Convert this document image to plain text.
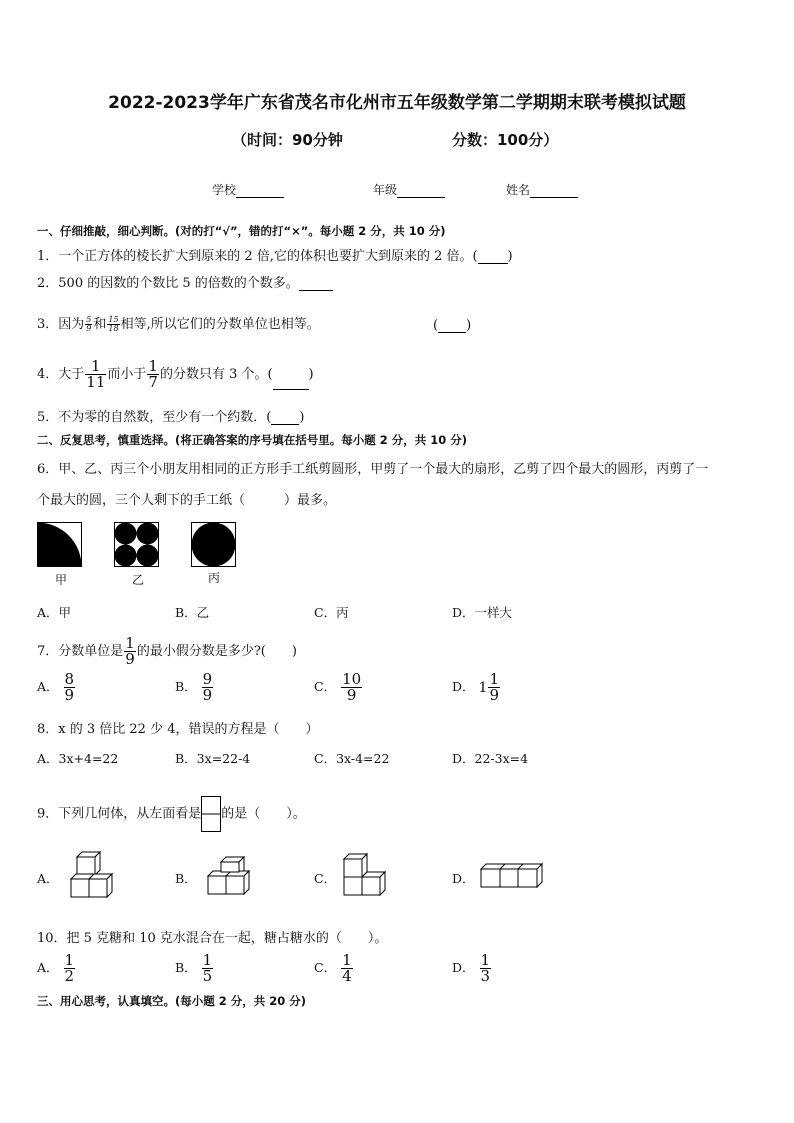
2022-2023学年广东省茂名市化州市五年级数学第二学期期末联考模拟试题
（时间：90分钟	分数：100分）
学校	年级	姓名
一、仔细推敲，细心判断。(对的打“√”，错的打“×”。每小题 2 分，共 10 分)
1．一个正方体的棱长扩大到原来的 2 倍,它的体积也要扩大到原来的 2 倍。( )
2．500 的因数的个数比 5 的倍数的个数多。
3．因为 $\frac{5}{9}$ 和 $\frac{15}{18}$ 相等,所以它们的分数单位也相等。	( )
4．大于 $\frac{1}{11}$ 而小于 $\frac{1}{7}$ 的分数只有 3 个。(	)
5．不为零的自然数，至少有一个约数．( )
二、反复思考，慎重选择。(将正确答案的序号填在括号里。每小题 2 分，共 10 分)
6．甲、乙、丙三个小朋友用相同的正方形手工纸剪圆形，甲剪了一个最大的扇形，乙剪了四个最大的圆形，丙剪了一
个最大的圆，三个人剩下的手工纸（　　　）最多。
甲	乙	丙
A．甲	B．乙	C．丙	D．一样大
7．分数单位是 $\frac{1}{9}$ 的最小假分数是多少?(　　)
A． $\frac{8}{9}$	B． $\frac{9}{9}$	C． $\frac{10}{9}$	D． $1 \frac{1}{9}$
8．x 的 3 倍比 22 少 4，错误的方程是（　　）
A．3x+4=22	B．3x=22-4	C．3x-4=22	D．22-3x=4
9．下列几何体，从左面看是 的是（　　）。
A．	B．	C．	D．
10．把 5 克糖和 10 克水混合在一起，糖占糖水的（　　）。
A． $\frac{1}{2}$	B． $\frac{1}{5}$	C． $\frac{1}{4}$	D． $\frac{1}{3}$
三、用心思考，认真填空。(每小题 2 分，共 20 分)
